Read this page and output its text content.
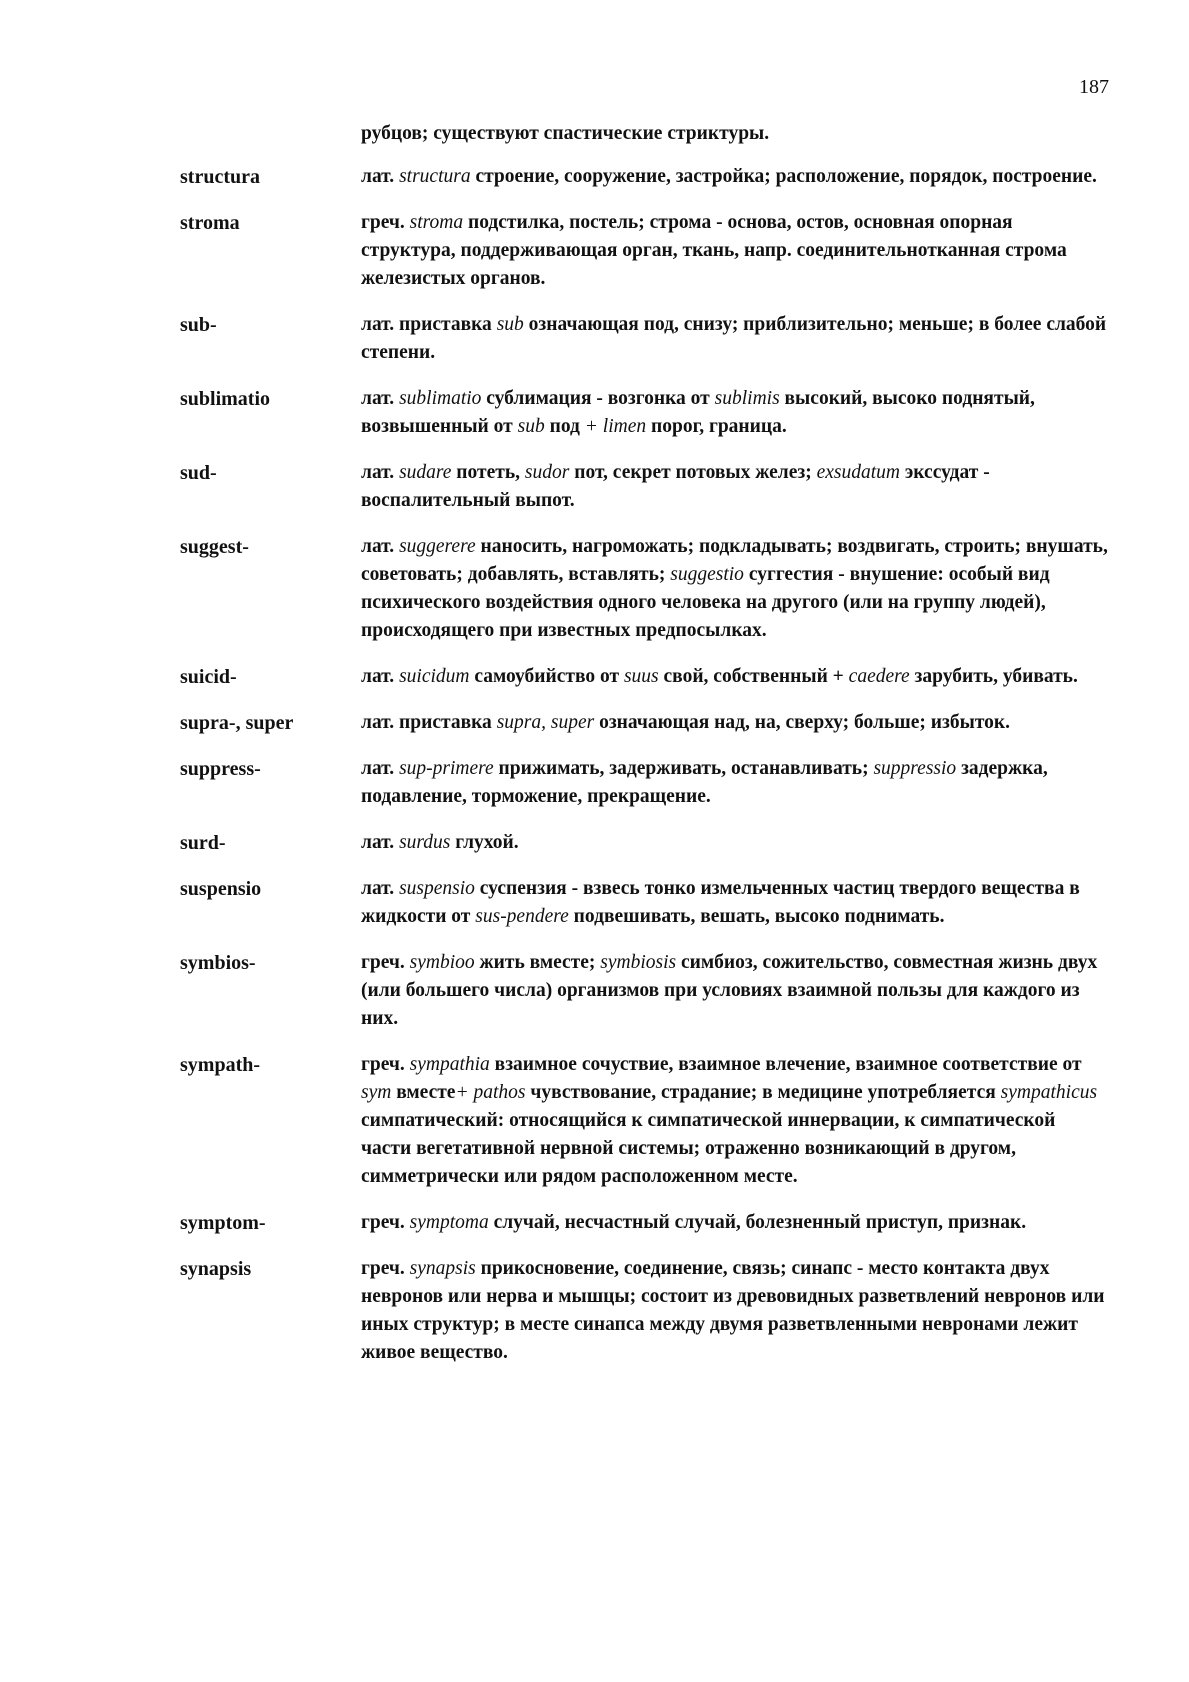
187
рубцов; существуют спастические стриктуры.
structura	лат. structura строение, сооружение, застройка; расположение, порядок, построение.
stroma	греч. stroma подстилка, постель; строма - основа, остов, основная опорная структура, поддерживающая орган, ткань, напр. соединительнотканная строма железистых органов.
sub-	лат. приставка sub означающая под, снизу; приблизительно; меньше; в более слабой степени.
sublimatio	лат. sublimatio сублимация - возгонка от sublimis высокий, высоко поднятый, возвышенный от sub под + limen порог, граница.
sud-	лат. sudare потеть, sudor пот, секрет потовых желез; exsudatum экссудат - воспалительный выпот.
suggest-	лат. suggerere наносить, нагроможать; подкладывать; воздвигать, строить; внушать, советовать; добавлять, вставлять; suggestio суггестия - внушение: особый вид психического воздействия одного человека на другого (или на группу людей), происходящего при известных предпосылках.
suicid-	лат. suicidum самоубийство от suus свой, собственный + caedere зарубить, убивать.
supra-, super	лат. приставка supra, super означающая над, на, сверху; больше; избыток.
suppress-	лат. sup-primere прижимать, задерживать, останавливать; suppressio задержка, подавление, торможение, прекращение.
surd-	лат. surdus глухой.
suspensio	лат. suspensio суспензия - взвесь тонко измельченных частиц твердого вещества в жидкости от sus-pendere подвешивать, вешать, высоко поднимать.
symbios-	греч. symbioo жить вместе; symbiosis симбиоз, сожительство, совместная жизнь двух (или большего числа) организмов при условиях взаимной пользы для каждого из них.
sympath-	греч. sympathia взаимное сочуствие, взаимное влечение, взаимное соответствие от sym вместе+ pathos чувствование, страдание; в медицине употребляется sympathicus симпатический: относящийся к симпатической иннервации, к симпатической части вегетативной нервной системы; отраженно возникающий в другом, симметрически или рядом расположенном месте.
symptom-	греч. symptoma случай, несчастный случай, болезненный приступ, признак.
synapsis	греч. synapsis прикосновение, соединение, связь; синапс - место контакта двух невронов или нерва и мышцы; состоит из древовидных разветвлений невронов или иных структур; в месте синапса между двумя разветвленными невронами лежит живое вещество.
